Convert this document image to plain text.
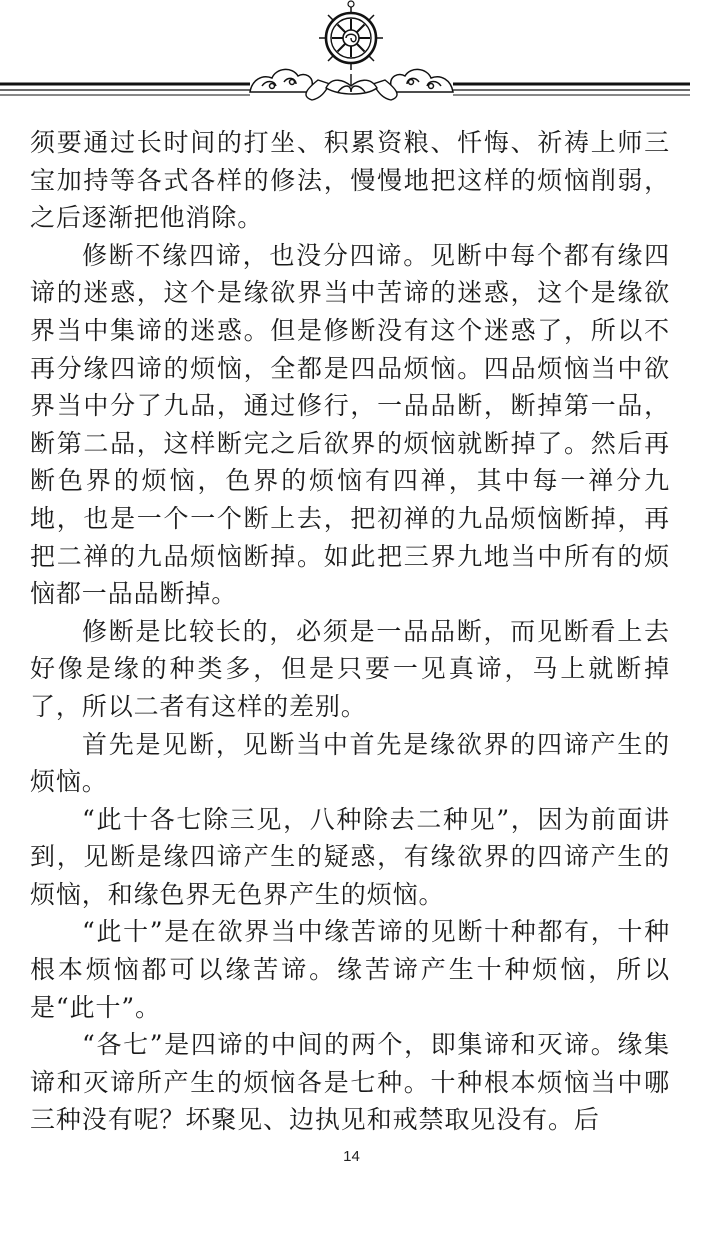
须要通过长时间的打坐、积累资粮、忏悔、祈祷上师三宝加持等各式各样的修法，慢慢地把这样的烦恼削弱，之后逐渐把他消除。

修断不缘四谛，也没分四谛。见断中每个都有缘四谛的迷惑，这个是缘欲界当中苦谛的迷惑，这个是缘欲界当中集谛的迷惑。但是修断没有这个迷惑了，所以不再分缘四谛的烦恼，全都是四品烦恼。四品烦恼当中欲界当中分了九品，通过修行，一品品断，断掉第一品，断第二品，这样断完之后欲界的烦恼就断掉了。然后再断色界的烦恼，色界的烦恼有四禅，其中每一禅分九地，也是一个一个断上去，把初禅的九品烦恼断掉，再把二禅的九品烦恼断掉。如此把三界九地当中所有的烦恼都一品品断掉。

修断是比较长的，必须是一品品断，而见断看上去好像是缘的种类多，但是只要一见真谛，马上就断掉了，所以二者有这样的差别。

首先是见断，见断当中首先是缘欲界的四谛产生的烦恼。

“此十各七除三见，八种除去二种见”，因为前面讲到，见断是缘四谛产生的疑惑，有缘欲界的四谛产生的烦恼，和缘色界无色界产生的烦恼。

“此十”是在欲界当中缘苦谛的见断十种都有，十种根本烦恼都可以缘苦谛。缘苦谛产生十种烦恼，所以是“此十”。

“各七”是四谛的中间的两个，即集谛和灭谛。缘集谛和灭谛所产生的烦恼各是七种。十种根本烦恼当中哪三种没有呢？坏聚见、边执见和戒禁取见没有。后

14
